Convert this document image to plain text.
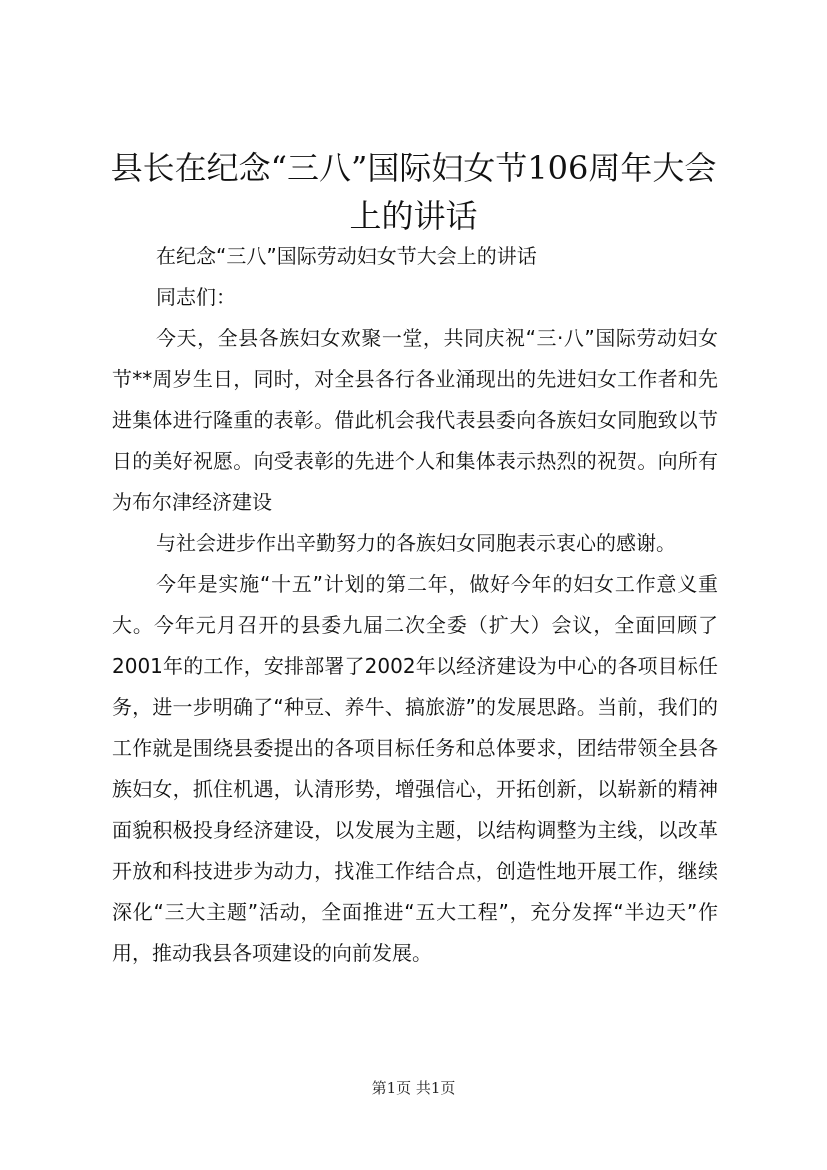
县长在纪念“三八”国际妇女节106周年大会
上的讲话

在纪念“三八”国际劳动妇女节大会上的讲话

同志们：

今天，全县各族妇女欢聚一堂，共同庆祝“三·八”国际劳动妇女节**周岁生日，同时，对全县各行各业涌现出的先进妇女工作者和先进集体进行隆重的表彰。借此机会我代表县委向各族妇女同胞致以节日的美好祝愿。向受表彰的先进个人和集体表示热烈的祝贺。向所有为布尔津经济建设

与社会进步作出辛勤努力的各族妇女同胞表示衷心的感谢。

今年是实施“十五”计划的第二年，做好今年的妇女工作意义重大。今年元月召开的县委九届二次全委（扩大）会议，全面回顾了2001年的工作，安排部署了2002年以经济建设为中心的各项目标任务，进一步明确了“种豆、养牛、搞旅游”的发展思路。当前，我们的工作就是围绕县委提出的各项目标任务和总体要求，团结带领全县各族妇女，抓住机遇，认清形势，增强信心，开拓创新，以崭新的精神面貌积极投身经济建设，以发展为主题，以结构调整为主线，以改革开放和科技进步为动力，找准工作结合点，创造性地开展工作，继续深化“三大主题”活动，全面推进“五大工程”，充分发挥“半边天”作用，推动我县各项建设的向前发展。

第1页 共1页
